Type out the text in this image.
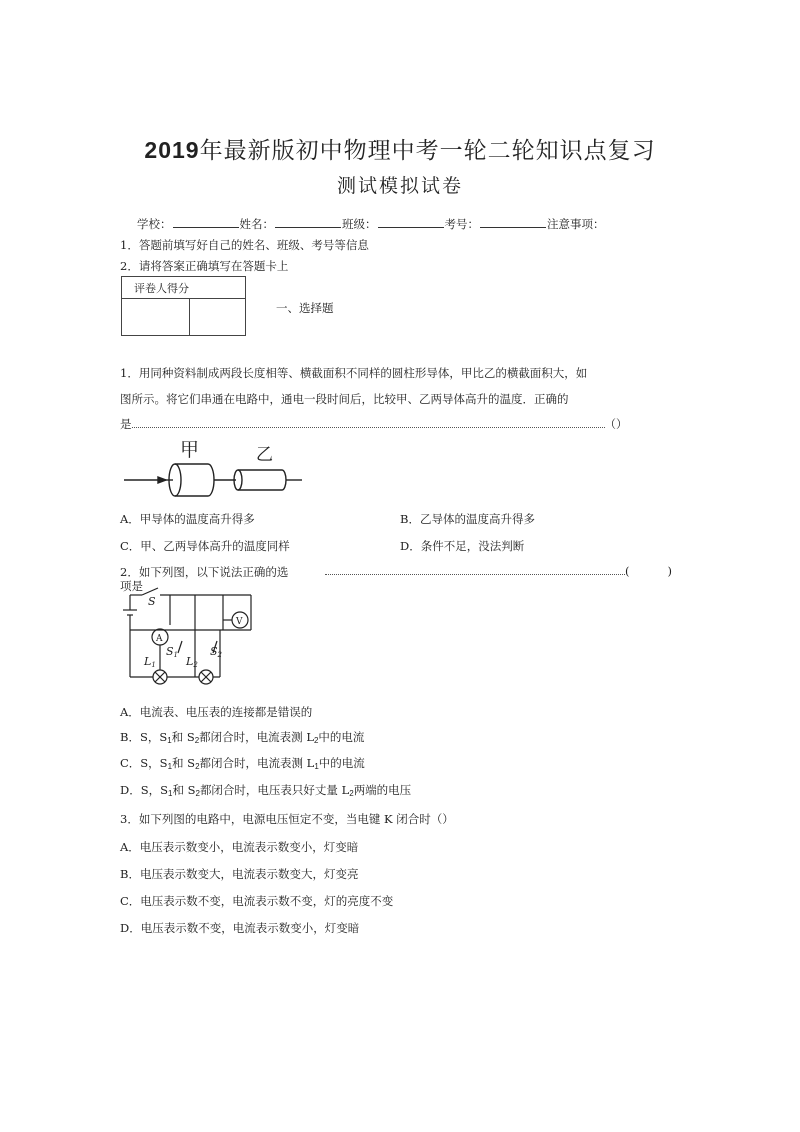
2019年最新版初中物理中考一轮二轮知识点复习
测试模拟试卷
学校：	姓名：	班级：	考号：	注意事项：
1．答题前填写好自己的姓名、班级、考号等信息
2．请将答案正确填写在答题卡上
评卷人得分

一、选择题
1．用同种资料制成两段长度相等、横截面积不同样的圆柱形导体，甲比乙的横截面积大，如
图所示。将它们串通在电路中，通电一段时间后，比较甲、乙两导体高升的温度．正确的
是	（）
甲	乙
A．甲导体的温度高升得多	B．乙导体的温度高升得多
C．甲、乙两导体高升的温度同样	D．条件不足，没法判断
2．如下列图，以下说法正确的选	(	)
项是
S
A
V
S1	S2
L1	L2
A．电流表、电压表的连接都是错误的
B．S，$S_1$和 $S_2$都闭合时，电流表测 $L_2$中的电流
C．S，$S_1$和 $S_2$都闭合时，电流表测 $L_1$中的电流
D．S，$S_1$和 $S_2$都闭合时，电压表只好丈量 $L_2$两端的电压
3．如下列图的电路中，电源电压恒定不变，当电键 K 闭合时（）
A．电压表示数变小，电流表示数变小，灯变暗
B．电压表示数变大，电流表示数变大，灯变亮
C．电压表示数不变，电流表示数不变，灯的亮度不变
D．电压表示数不变，电流表示数变小，灯变暗
